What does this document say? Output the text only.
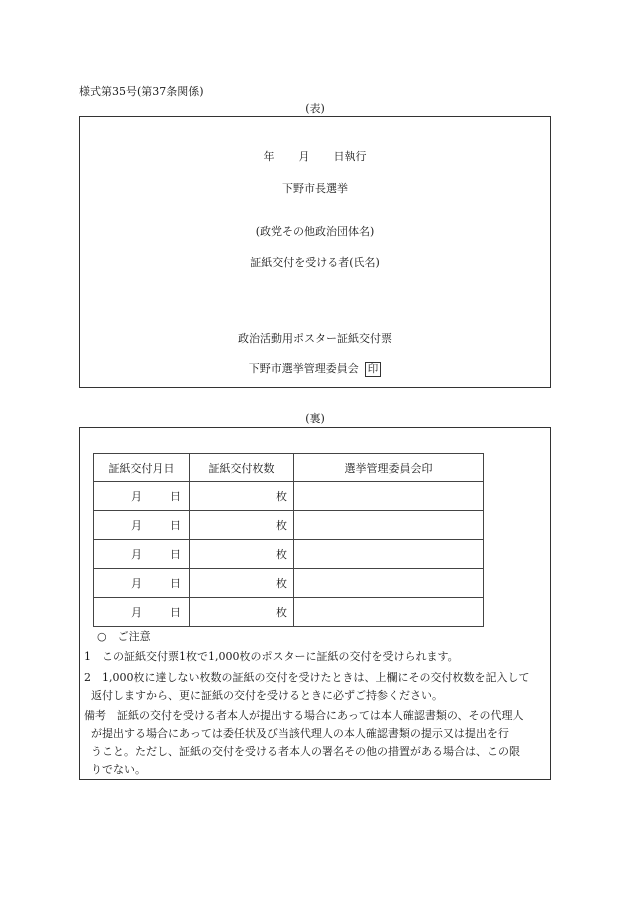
様式第35号(第37条関係)
(表)
年 月 日執行
下野市長選挙
(政党その他政治団体名)
証紙交付を受ける者(氏名)
政治活動用ポスター証紙交付票
下野市選挙管理委員会 印
(裏)
証紙交付月日	証紙交付枚数	選挙管理委員会印
月 日	枚	
月 日	枚	
月 日	枚	
月 日	枚	
月 日	枚	
○　ご注意
1　この証紙交付票1枚で1,000枚のポスターに証紙の交付を受けられます。
2　1,000枚に達しない枚数の証紙の交付を受けたときは、上欄にその交付枚数を記入して
返付しますから、更に証紙の交付を受けるときに必ずご持参ください。
備考　証紙の交付を受ける者本人が提出する場合にあっては本人確認書類の、その代理人
が提出する場合にあっては委任状及び当該代理人の本人確認書類の提示又は提出を行
うこと。ただし、証紙の交付を受ける者本人の署名その他の措置がある場合は、この限
りでない。
